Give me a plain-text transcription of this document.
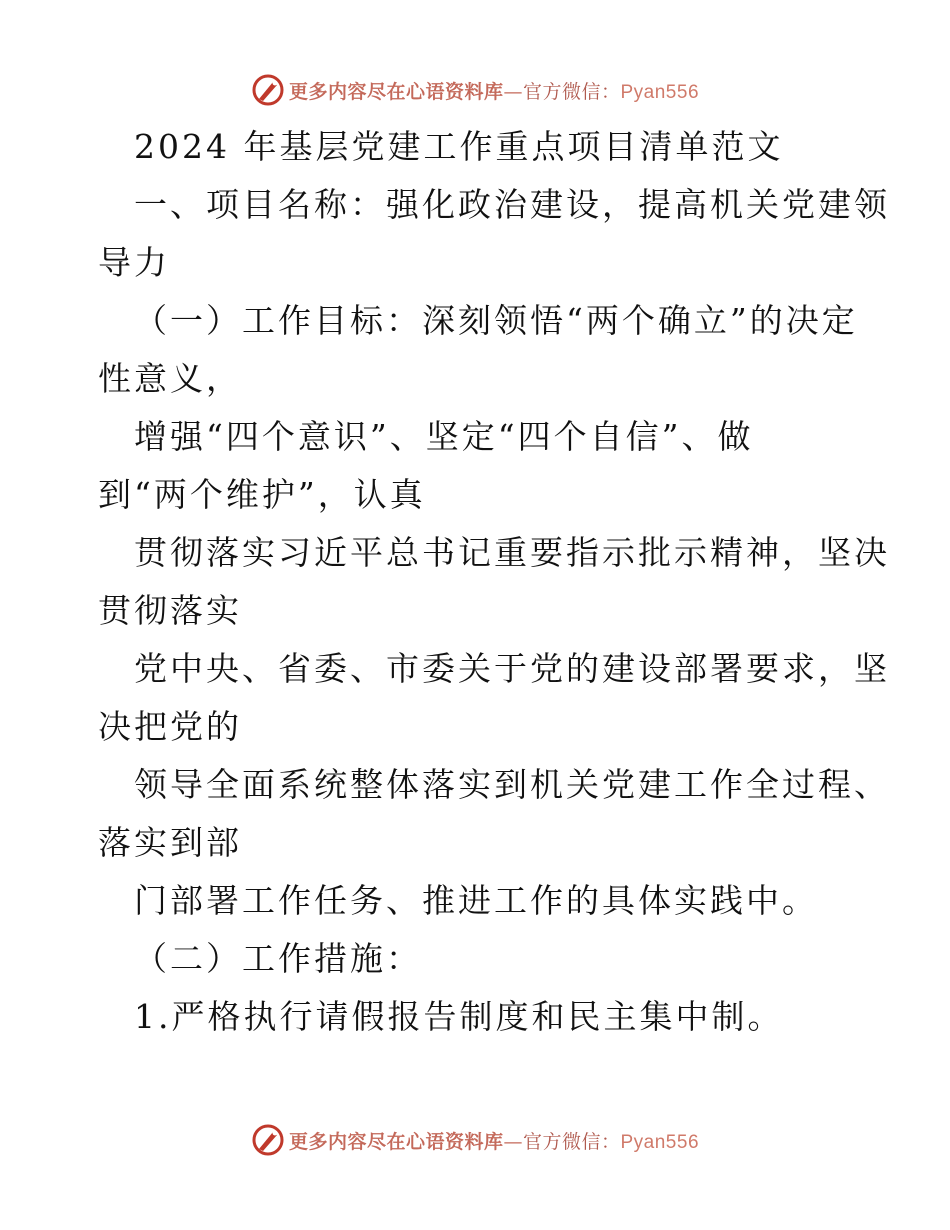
更多内容尽在心语资料库—官方微信：Pyan556

2024 年基层党建工作重点项目清单范文

一、项目名称：强化政治建设，提高机关党建领

导力

（一）工作目标：深刻领悟“两个确立”的决定

性意义，

增强“四个意识”、坚定“四个自信”、做

到“两个维护”，认真

贯彻落实习近平总书记重要指示批示精神，坚决

贯彻落实

党中央、省委、市委关于党的建设部署要求，坚

决把党的

领导全面系统整体落实到机关党建工作全过程、

落实到部

门部署工作任务、推进工作的具体实践中。

（二）工作措施：

1.严格执行请假报告制度和民主集中制。

更多内容尽在心语资料库—官方微信：Pyan556
